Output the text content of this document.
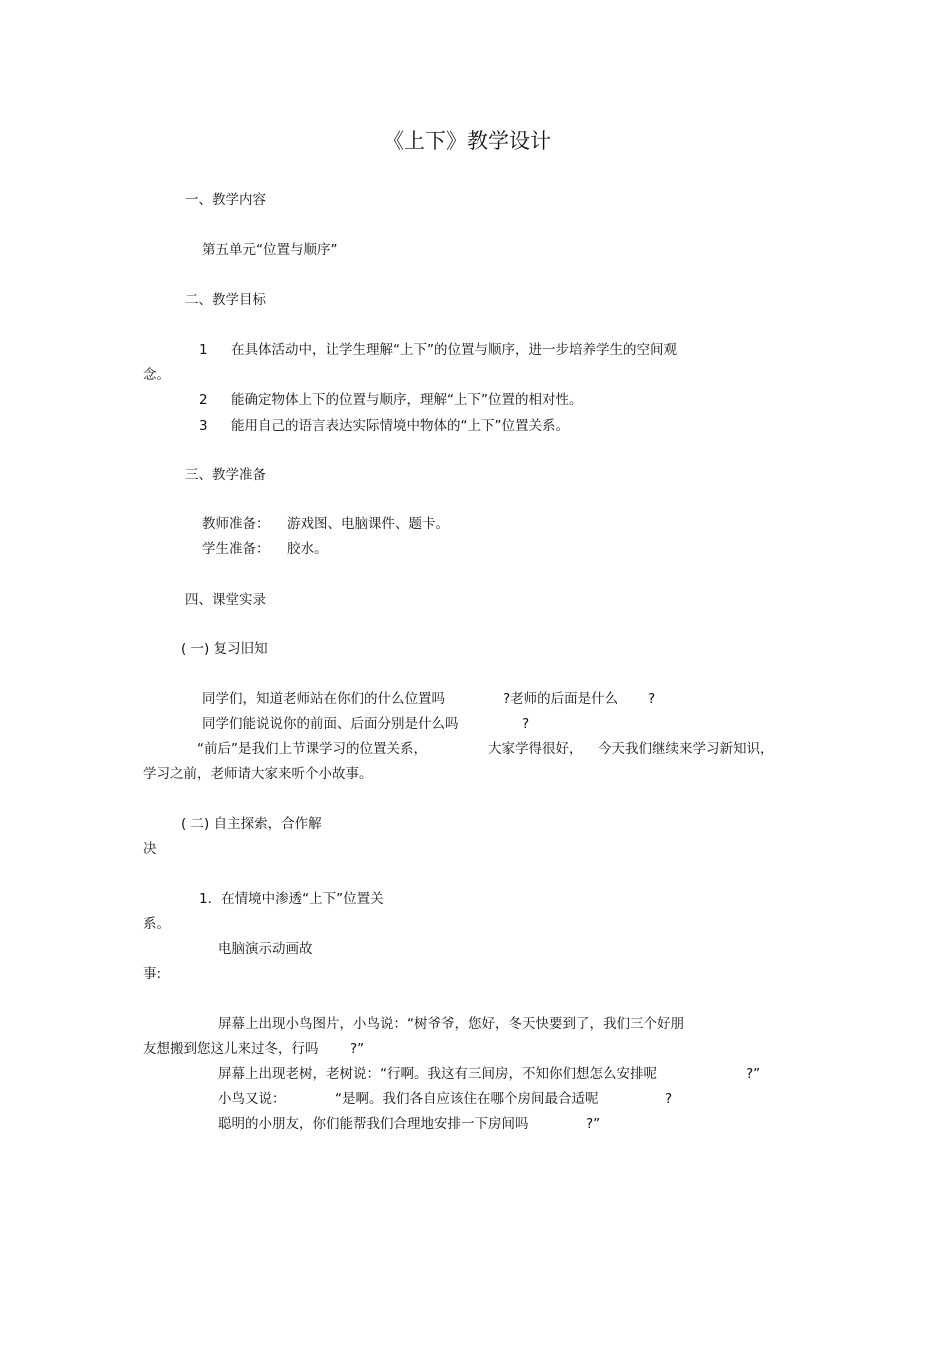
《上下》教学设计
一、教学内容
第五单元“位置与顺序”
二、教学目标
1 在具体活动中，让学生理解“上下”的位置与顺序，进一步培养学生的空间观
念。
2 能确定物体上下的位置与顺序，理解“上下”位置的相对性。
3 能用自己的语言表达实际情境中物体的“上下”位置关系。
三、教学准备
教师准备： 游戏图、电脑课件、题卡。
学生准备： 胶水。
四、课堂实录
( 一) 复习旧知
同学们，知道老师站在你们的什么位置吗	?老师的后面是什么 ?
同学们能说说你的前面、后面分别是什么吗	?
“前后”是我们上节课学习的位置关系，	大家学得很好， 今天我们继续来学习新知识，
学习之前，老师请大家来听个小故事。
( 二) 自主探索，合作解
决
1．在情境中渗透“上下”位置关
系。
电脑演示动画故
事:
屏幕上出现小鸟图片，小鸟说：“树爷爷，您好，冬天快要到了，我们三个好朋
友想搬到您这儿来过冬，行吗 ?”
屏幕上出现老树，老树说：“行啊。我这有三间房，不知你们想怎么安排呢	?”
小鸟又说：	“是啊。我们各自应该住在哪个房间最合适呢	?
聪明的小朋友，你们能帮我们合理地安排一下房间吗	?”
